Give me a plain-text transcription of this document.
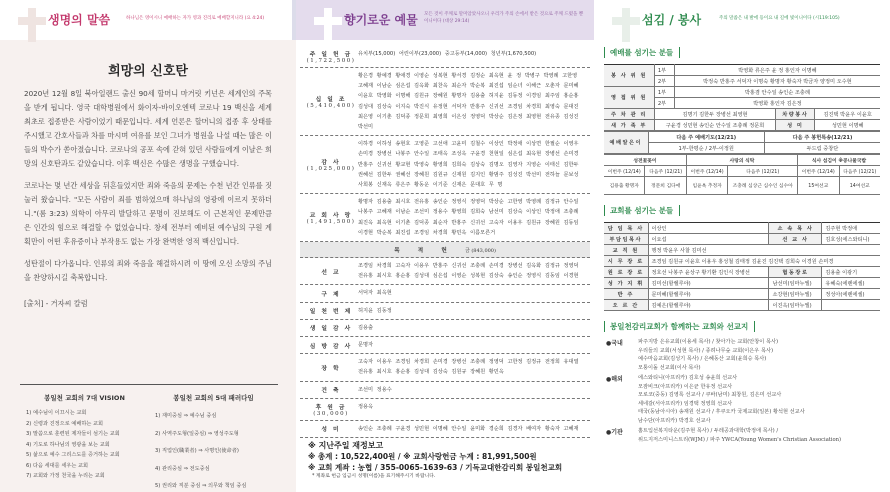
생명의 말씀	하나님은 영이시니 예배하는 자가 영과 진리로 예배할지니라 (요 4:24)
희망의 신호탄

2020년 12월 8일 북아일랜드 출신 90세 할머니 마거릿 키넌은 세계인의 주목을 받게 됩니다. 영국 대학병원에서 화이자-바이오엔텍 코로나 19 백신을 세계 최초로 접종받은 사람이었기 때문입니다. 세계 언론은 할머니의 접종 후 상태를 주시했고 간호사들과 차를 마시며 여유를 보인 그녀가 병원을 나설 때는 많은 이들의 박수가 쏟아졌습니다. 코로나의 공포 속에 갇혀 있던 사람들에게 이날은 희망의 신호탄과도 같았습니다. 이후 백신은 수많은 생명을 구했습니다.

코로나는 몇 년간 세상을 뒤흔들었지만 죄와 죽음의 문제는 수천 년간 인류를 짓눌러 왔습니다. "모든 사람이 죄를 범하였으매 하나님의 영광에 이르지 못하더니."(롬 3:23) 의학이 아무리 발달하고 문명이 진보해도 이 근본적인 문제만큼은 인간의 힘으로 해결할 수 없었습니다. 창세 전부터 예비된 예수님의 구원 계획만이 어떤 후유증이나 부작용도 없는 가장 완벽한 영적 백신입니다.

성탄절이 다가옵니다. 인류의 죄와 죽음을 해결하시려 이 땅에 오신 소망의 주님을 찬양하시길 축복합니다.

[출처] - 거자씨 칼럼
봉일천 교회의 7대 VISION
1) 예수님이 이끄시는 교회
2) 신령과 진정으로 예배하는 교회
3) 말씀으로 훈련된 제자들이 섬기는 교회
4) 기도로 하나님의 영광을 보는 교회
5) 삶으로 예수 그리스도를 증거하는 교회
6) 다음 세대를 세우는 교회
7) 교회와 가정 천국을 누리는 교회
봉일천 교회의 5대 패러다임
1) 재미중심 ⇒ 예수님 중심
2) 사역주도형(일중심) ⇒ 영성주도형
3) 직업인(職業者) ⇒ 사명인(使命者)
4) 관리중심 ⇒ 전도중심
5) 권리와 직분 중심 ⇒ 의무와 책임 중심
향기로운 예물 모든 것이 주께로 말미암았사오니 우리가 주의 손에서 받은 것으로 주께 드렸을 뿐이니이다 (대상 29:14)
주 일 헌 금
(1,722,500)
유치부(15,000) 어린이부(23,000) 중고등부(14,000) 청년부(1,670,500)
십 일 조
(5,410,400)
황은경 황예경 황애경 이영순 성복현 황서경 김정순 최옥현 윤 정 박병구 박영례 고한영 고혜재 이남순 심은섭 김옥화 최찬옥 최순자 박순복 최진섭 임순녀 이해근 오춘자 문미혜 이윤호 박영화 이명해 김원규 장혜원 황명자 김용출 허지윤 김동정 이경임 최주임 홍순홍 김성대 김상숙 이지숙 박진식 유정현 서덕자 반홍주 신귀선 조경임 차경희 최영숙 문대진 최은영 이기춘 김덕종 정문희 최영희 이은성 정영덕 박상순 김은정 최영현 전유종 김성진 박선미
감 사
(1,025,000)
이하경 이하성 송현호 고영준 고선애 고윤미 김철수 이상인 박정애 이상면 한필순 이영우 손미경 장병선 나봉주 안수일 조태옥 조성옥 구윤경 천현일 심은섭 최옥현 장병선 손미경 반홍주 신귀선 황교현 박영숙 황영희 김희숙 김상숙 김명오 김영자 지영순 이태신 김한두 권혜선 김한두 권혜선 장혜원 김원규 신재원 김지인 황범주 김성진 박선미 전하늘 문보성 사희봉 신재옥 류은주 황동운 이기준 신재은 문대호 무 명
교 회 사 랑
(1,491,500)
황명자 김용출 최시호 전유홍 송인순 정영식 정영덕 박상순 고한영 박영례 김정규 안수일 나봉주 고혜재 이남순 조선미 정용수 황영희 김희숙 남선미 김상숙 이상인 박정애 조충례 최진옥 최옥현 이기춘 김덕종 최순자 반홍주 신귀선 고숙자 이용우 김원규 장혜원 김동임 이경현 박순복 최진섭 조경임 차경희 황민옥 이름모른거
목 적 헌 금 (843,000)
선 교
조경임 차경희 고숙자 이용우 반홍주 신귀선 조충례 손미경 장병선 김옥화 김정규 정영덕 전유홍 최시호 홍순홍 김성대 심은섭 이영순 성복현 김상숙 송인순 정영식 김동임 이경현
구 제	서덕자 최옥현
일 천 번 제	허지윤 김동정
생 일 감 사	김용출
심 방 감 사	문명자
장 학
고숙자 이용우 조경임 차경희 손미경 장병선 조충례 정영덕 고한정 김정규 전정희 유대열 전유홍 최시호 홍순홍 김성대 김상숙 김원규 장혜원 황민옥
건 축	조선미 정용수
후 원 금
(30,000)
정용옥
성 미	송인순 조충례 구윤경 성민현 이명혜 안수일 윤미화 경순희 김경자 배여자 황숙자 고혜재
※ 지난주일 재정보고
※ 총계 : 10,522,400원 / ※ 교회사랑헌금 누계 : 81,991,500원
※ 교회 계좌 : 농협 / 355-0065-1639-63 / 기독교대한감리회 봉일천교회
* 계좌로 헌금 입금시 성명(이름)을 표기해주시기 바랍니다.
섬김 / 봉사	주의 말씀은 내 발에 등이요 내 길에 빛이니이다 (시119:105)
예배를 섬기는 분들
봉 사 위 원	1부	박영화 류은주 윤 정 홍인자 이명혜		
	2부	박정숙 반홍주 서덕자 이명숙 황명자 황숙자 박금자 양정미 오수현		
영 접 위 원	1부	박홍겸 안수일 송인순 조충례		
	2부	박영화 홍인자 김은정		
주 차 관 리	김명기 김한두 장병선 최영현		차량봉사	김진택 박윤우 이윤호
새 가 족 부	구윤경 성민현 송인순 안수일 조충례 정문희		성 미	성민현 이명혜
예배알은이	다음 주 예배기도(12/21)	다음 주 봉헌특송(12/21)
	1부-한평순 / 2부-이정원	두드림 중창단
성전꽃꽂이		사랑의 식탁		식사 섬김이 ※콩나물국밥	
이번주 (12/14)	다음주 (12/21)	이번주 (12/14)	다음주 (12/21)	이번주 (12/14)	다음주 (12/21)
김용출 황명자	정문희 김다애	임윤옥 추정자	조충례 심상근 심수인 심수아	15여선교	14여선교
교회를 섬기는 분들
담 임 목 사	이상인	소 속 목 사	김주현 박정애
부담임목사	이요섭	선 교 사	김호성(에스와티니)
교 직 원	행정 박윤우 사찰 김미선		
시 무 장 로	조경임 김원규 이윤호 이용우 홍성철 김태정 김윤진 김진택 김희숙 이경원 손미경		
원 로 장 로	정호선 나봉주 윤상구 황기환 김인식 장병선	협동장로	김용출 이광기
성 가 지 휘	김미선(할렐루야)	남선미(임마누엘)	유혜숙(에렌에셀)
반 주	문미혜(할렐루야)	소강현(임마누엘)	정성아(에렌에셀)
오 르 간	김예은(할렐루야)	이진옥(임마누엘)	
봉일천감리교회가 함께하는 교회와 선교지
●국내	파주지방 은유교회(이용세 목사) / 찾아가는 교회(안창이 목사)
우리들의 교회(서성현 목사) / 종려나무숲 교회(이은우 목사)
예수마음교회(김성기 목사) / 은혜동산 교회(윤희승 목사)
모퉁이돌 선교회(이사 목사)
●해외	에스와티니(아프리카) 김호성 송윤희 선교사
모잠비크(아프리카) 이은균 한유정 선교사
모로코(중동) 김영록 선교사 / 쿠바(남미) 최창원, 김은미 선교사
세네갈(서아프리카) 임경택 정영희 선교사
태국(동남아시아) 송재원 선교사 / 후쿠오카 국제교회(일본) 황석현 선교사
남수단(아프리카) 박경호 선교사
●기관	홈트입선복지타운(김주현 목사) / 두레공과대학(박정애 목사) /
위드지저스미니스트리(WJM) / 파주 YWCA(Young Women's Christian Association)
